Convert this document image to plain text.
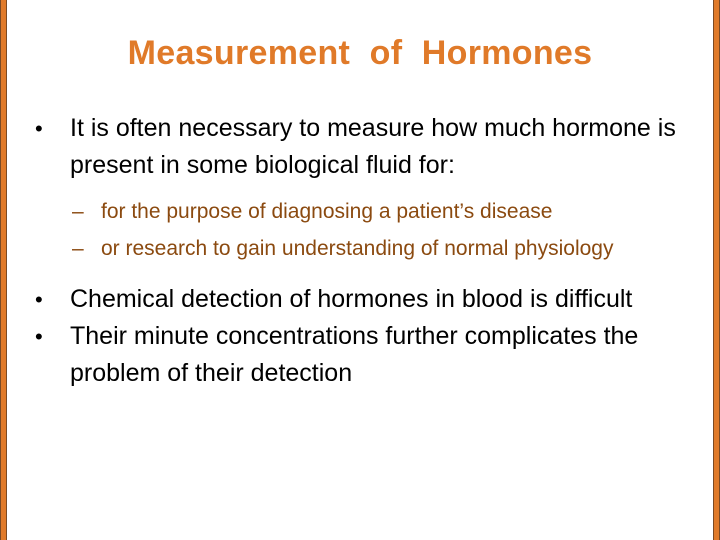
Measurement  of  Hormones
• It is often necessary to measure how much hormone is present in some biological fluid for:
– for the purpose of diagnosing a patient’s disease
– or research to gain understanding of normal physiology
• Chemical detection of hormones in blood is difficult
• Their minute concentrations further complicates the problem of their detection
